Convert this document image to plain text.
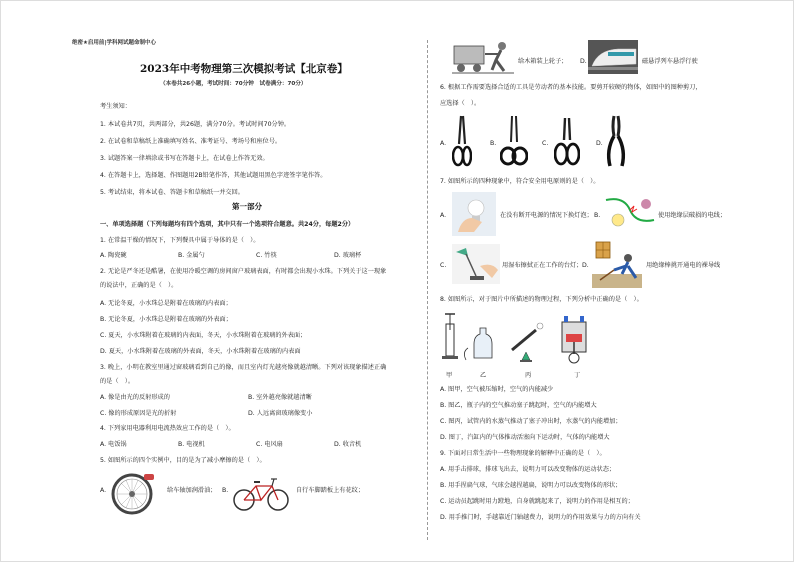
绝密★启用前|学科网试题命制中心
2023年中考物理第三次模拟考试【北京卷】
（本卷共26小题，考试时间：70分钟　试卷满分：70分）
考生须知：
1. 本试卷共7页，共两部分，共26题，满分70分。考试时间70分钟。
2. 在试卷和草稿纸上准确填写姓名、准考证号、考场号和座位号。
3. 试题答案一律填涂或书写在答题卡上，在试卷上作答无效。
4. 在答题卡上，选择题、作图题用2B铅笔作答，其他试题用黑色字迹签字笔作答。
5. 考试结束，将本试卷、答题卡和草稿纸一并交回。
第一部分
一、单项选择题（下列每题均有四个选项，其中只有一个选项符合题意。共24分，每题2分）
1. 在常温干燥的情况下，下列餐具中属于导体的是（　）。
A. 陶瓷碗	B. 金属勺	C. 竹筷	D. 玻璃杯
2. 无论是严冬还是酷暑，在使用冷暖空调的房间窗户玻璃表面，有时都会出现小水珠。下列关于这一现象
的说法中，正确的是（　）。
A. 无论冬夏，小水珠总是附着在玻璃的内表面；
B. 无论冬夏，小水珠总是附着在玻璃的外表面；
C. 夏天，小水珠附着在玻璃的内表面，冬天，小水珠附着在玻璃的外表面；
D. 夏天，小水珠附着在玻璃的外表面，冬天，小水珠附着在玻璃的内表面
3. 晚上，小明在教室里通过窗玻璃看到自己的像，而且室内灯光越亮像就越清晰。下列对该现象描述正确
的是（　）。
A. 像是由光的反射形成的	B. 室外越亮像就越清晰
C. 像的形成原因是光的折射	D. 人远离窗玻璃像变小
4. 下列家用电器利用电流热效应工作的是（　）。
A. 电饭锅	B. 电视机	C. 电风扇	D. 收音机
5. 如图所示的四个实例中，目的是为了减小摩擦的是（　）。
A.	给车轴加润滑油； B.	自行车脚踏板上有花纹；
给木箱装上轮子； D.	磁悬浮列车悬浮行驶
6. 根据工作需要选择合适的工具是劳动者的基本技能。要剪开较硬的物体，如图中的图种剪刀，
应选择（　）。
A.	B.	C.	D.
7. 如图所示的四种现象中，符合安全用电原则的是（　）。
A.	在没有断开电源的情况下换灯泡； B.	使用绝缘层破损的电线；
C.	用湿布擦拭正在工作的台灯； D.	用绝缘棒挑开通电的裸导线
8. 如图所示，对于图片中所描述的物理过程，下列分析中正确的是（　）。
甲	乙	丙	丁
A. 图甲，空气被压缩时，空气的内能减少
B. 图乙，瓶子内的空气推动塞子跳起时，空气的内能增大
C. 图丙，试管内的水蒸气推动了塞子冲出时，水蒸气的内能增加；
D. 图丁，汽缸内的气体推动活塞向下运动时，气体的内能增大
9. 下面对日常生活中一些物理现象的解释中正确的是（　）。
A. 用手击排球，排球飞出去，说明力可以改变物体的运动状态；
B. 用手捏扁气球，气球会越捏越扁，说明力可以改变物体的形状；
C. 运动员起跳时用力蹬地，自身就跳起来了，说明力的作用是相互的；
D. 用手推门时，手越靠近门轴越费力，说明力的作用效果与力的方向有关
